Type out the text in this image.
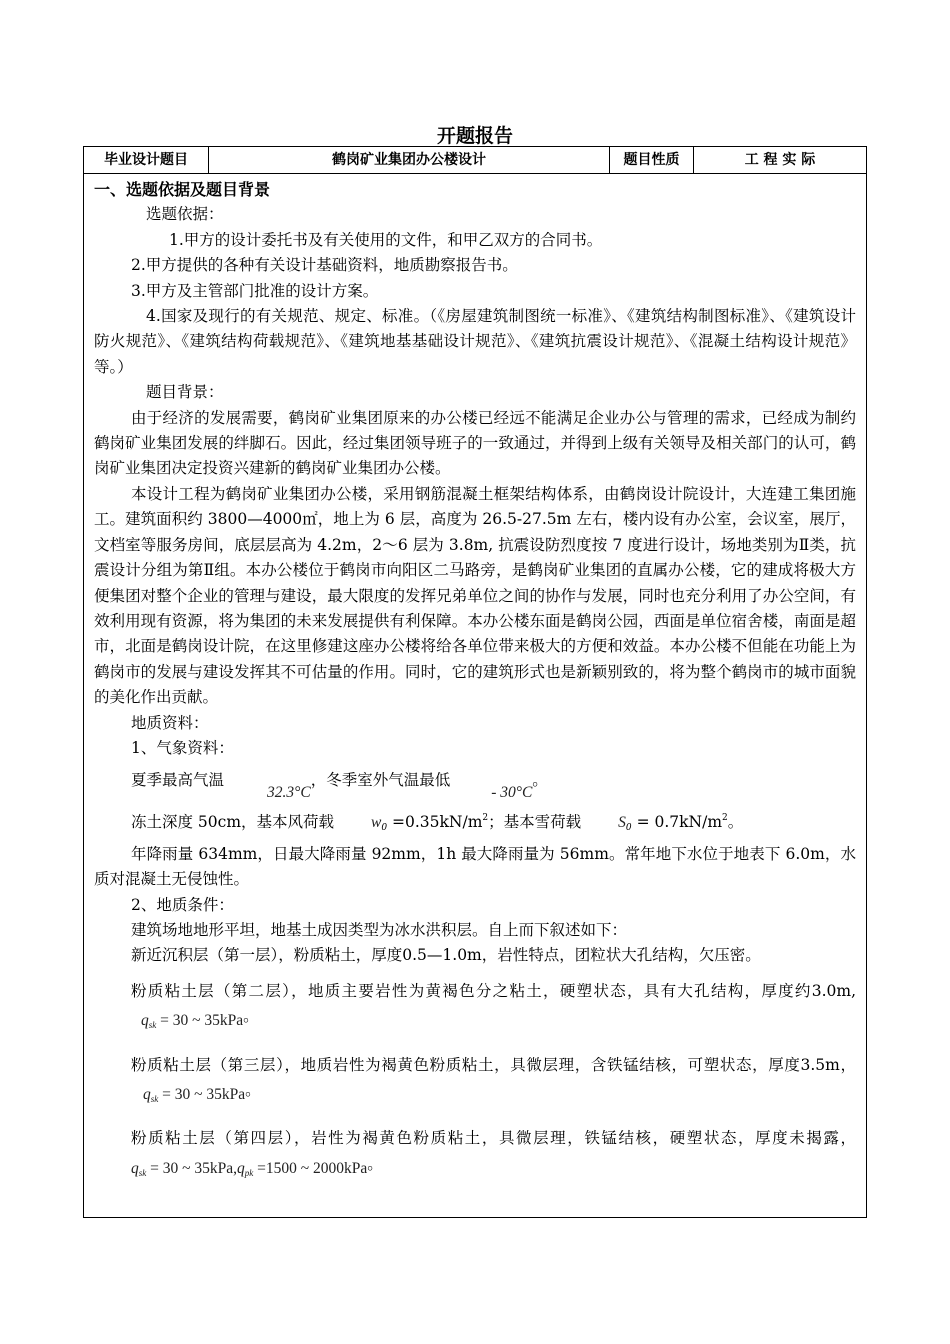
开题报告
毕业设计题目	鹤岗矿业集团办公楼设计	题目性质	工 程 实 际

一、选题依据及题目背景

选题依据：

1.甲方的设计委托书及有关使用的文件，和甲乙双方的合同书。

2.甲方提供的各种有关设计基础资料，地质勘察报告书。

3.甲方及主管部门批准的设计方案。

4.国家及现行的有关规范、规定、标准。（《房屋建筑制图统一标准》、《建筑结构制图标准》、《建筑设计防火规范》、《建筑结构荷载规范》、《建筑地基基础设计规范》、《建筑抗震设计规范》、《混凝土结构设计规范》等。）

题目背景：

由于经济的发展需要，鹤岗矿业集团原来的办公楼已经远不能满足企业办公与管理的需求，已经成为制约鹤岗矿业集团发展的绊脚石。因此，经过集团领导班子的一致通过，并得到上级有关领导及相关部门的认可，鹤岗矿业集团决定投资兴建新的鹤岗矿业集团办公楼。

本设计工程为鹤岗矿业集团办公楼，采用钢筋混凝土框架结构体系，由鹤岗设计院设计，大连建工集团施工。建筑面积约 3800—4000㎡，地上为 6 层，高度为 26.5-27.5m 左右，楼内设有办公室，会议室，展厅，文档室等服务房间，底层层高为 4.2m，2～6 层为 3.8m, 抗震设防烈度按 7 度进行设计，场地类别为Ⅱ类，抗震设计分组为第Ⅱ组。本办公楼位于鹤岗市向阳区二马路旁，是鹤岗矿业集团的直属办公楼，它的建成将极大方便集团对整个企业的管理与建设，最大限度的发挥兄弟单位之间的协作与发展，同时也充分利用了办公空间，有效利用现有资源，将为集团的未来发展提供有利保障。本办公楼东面是鹤岗公园，西面是单位宿舍楼，南面是超市，北面是鹤岗设计院，在这里修建这座办公楼将给各单位带来极大的方便和效益。本办公楼不但能在功能上为鹤岗市的发展与建设发挥其不可估量的作用。同时，它的建筑形式也是新颖别致的，将为整个鹤岗市的城市面貌的美化作出贡献。

地质资料：

1、气象资料：

夏季最高气温32.3°C，冬季室外气温最低- 30°C。

冻土深度 50cm，基本风荷载 $w_0 =0.35kN/m^2$；基本雪荷载 $S_0 = 0.7kN/m^2$。

年降雨量 634mm，日最大降雨量 92mm，1h 最大降雨量为 56mm。常年地下水位于地表下 6.0m，水质对混凝土无侵蚀性。

2、地质条件：

建筑场地地形平坦，地基土成因类型为冰水洪积层。自上而下叙述如下：

新近沉积层（第一层），粉质粘土，厚度0.5—1.0m，岩性特点，团粒状大孔结构，欠压密。

粉质粘土层（第二层），地质主要岩性为黄褐色分之粘土，硬塑状态，具有大孔结构，厚度约$3.0m,q_{sk} = 30$ ~ 35kPa。

粉质粘土层（第三层），地质岩性为褐黄色粉质粘土，具微层理，含铁锰结核，可塑状态，厚度3.5m，$q_{sk} = 30$ ~ 35kPa。

粉质粘土层（第四层），岩性为褐黄色粉质粘土，具微层理，铁锰结核，硬塑状态，厚度未揭露，$q_{sk} = 30$ ~ $35kPa,q_{pk} =1500$ ~ 2000kPa。
